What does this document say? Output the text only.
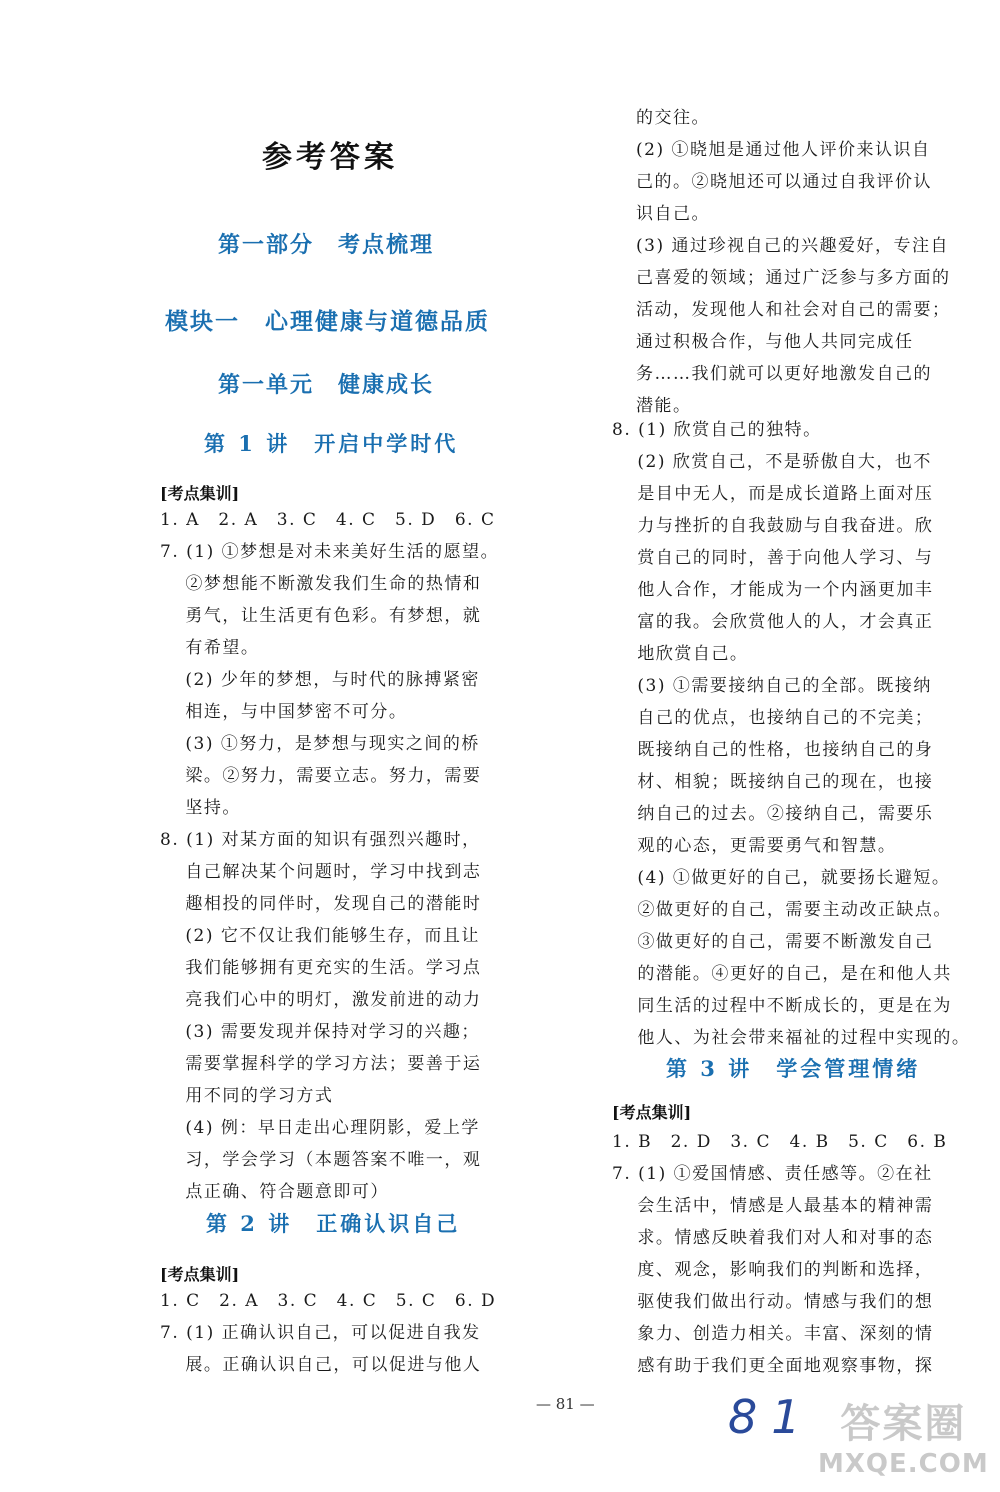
参考答案
第一部分　考点梳理
模块一　心理健康与道德品质
第一单元　健康成长
第 1 讲　开启中学时代
[考点集训]
1. A　2. A　3. C　4. C　5. D　6. C
7. (1) ①梦想是对未来美好生活的愿望。
　 ②梦想能不断激发我们生命的热情和
　 勇气，让生活更有色彩。有梦想，就
　 有希望。
　 (2) 少年的梦想，与时代的脉搏紧密
　 相连，与中国梦密不可分。
　 (3) ①努力，是梦想与现实之间的桥
　 梁。②努力，需要立志。努力，需要
　 坚持。
8. (1) 对某方面的知识有强烈兴趣时，
　 自己解决某个问题时，学习中找到志
　 趣相投的同伴时，发现自己的潜能时
　 (2) 它不仅让我们能够生存，而且让
　 我们能够拥有更充实的生活。学习点
　 亮我们心中的明灯，激发前进的动力
　 (3) 需要发现并保持对学习的兴趣；
　 需要掌握科学的学习方法；要善于运
　 用不同的学习方式
　 (4) 例：早日走出心理阴影，爱上学
　 习，学会学习（本题答案不唯一，观
　 点正确、符合题意即可）
第 2 讲　正确认识自己
[考点集训]
1. C　2. A　3. C　4. C　5. C　6. D
7. (1) 正确认识自己，可以促进自我发
　 展。正确认识自己，可以促进与他人
的交往。
(2) ①晓旭是通过他人评价来认识自
己的。②晓旭还可以通过自我评价认
识自己。
(3) 通过珍视自己的兴趣爱好，专注自
己喜爱的领域；通过广泛参与多方面的
活动，发现他人和社会对自己的需要；
通过积极合作，与他人共同完成任
务……我们就可以更好地激发自己的
潜能。
8. (1) 欣赏自己的独特。
　 (2) 欣赏自己，不是骄傲自大，也不
　 是目中无人，而是成长道路上面对压
　 力与挫折的自我鼓励与自我奋进。欣
　 赏自己的同时，善于向他人学习、与
　 他人合作，才能成为一个内涵更加丰
　 富的我。会欣赏他人的人，才会真正
　 地欣赏自己。
　 (3) ①需要接纳自己的全部。既接纳
　 自己的优点，也接纳自己的不完美；
　 既接纳自己的性格，也接纳自己的身
　 材、相貌；既接纳自己的现在，也接
　 纳自己的过去。②接纳自己，需要乐
　 观的心态，更需要勇气和智慧。
　 (4) ①做更好的自己，就要扬长避短。
　 ②做更好的自己，需要主动改正缺点。
　 ③做更好的自己，需要不断激发自己
　 的潜能。④更好的自己，是在和他人共
　 同生活的过程中不断成长的，更是在为
　 他人、为社会带来福祉的过程中实现的。
第 3 讲　学会管理情绪
[考点集训]
1. B　2. D　3. C　4. B　5. C　6. B
7. (1) ①爱国情感、责任感等。②在社
　 会生活中，情感是人最基本的精神需
　 求。情感反映着我们对人和对事的态
　 度、观念，影响我们的判断和选择，
　 驱使我们做出行动。情感与我们的想
　 象力、创造力相关。丰富、深刻的情
　 感有助于我们更全面地观察事物，探
— 81 —	81 答案圈
MXQE.COM
